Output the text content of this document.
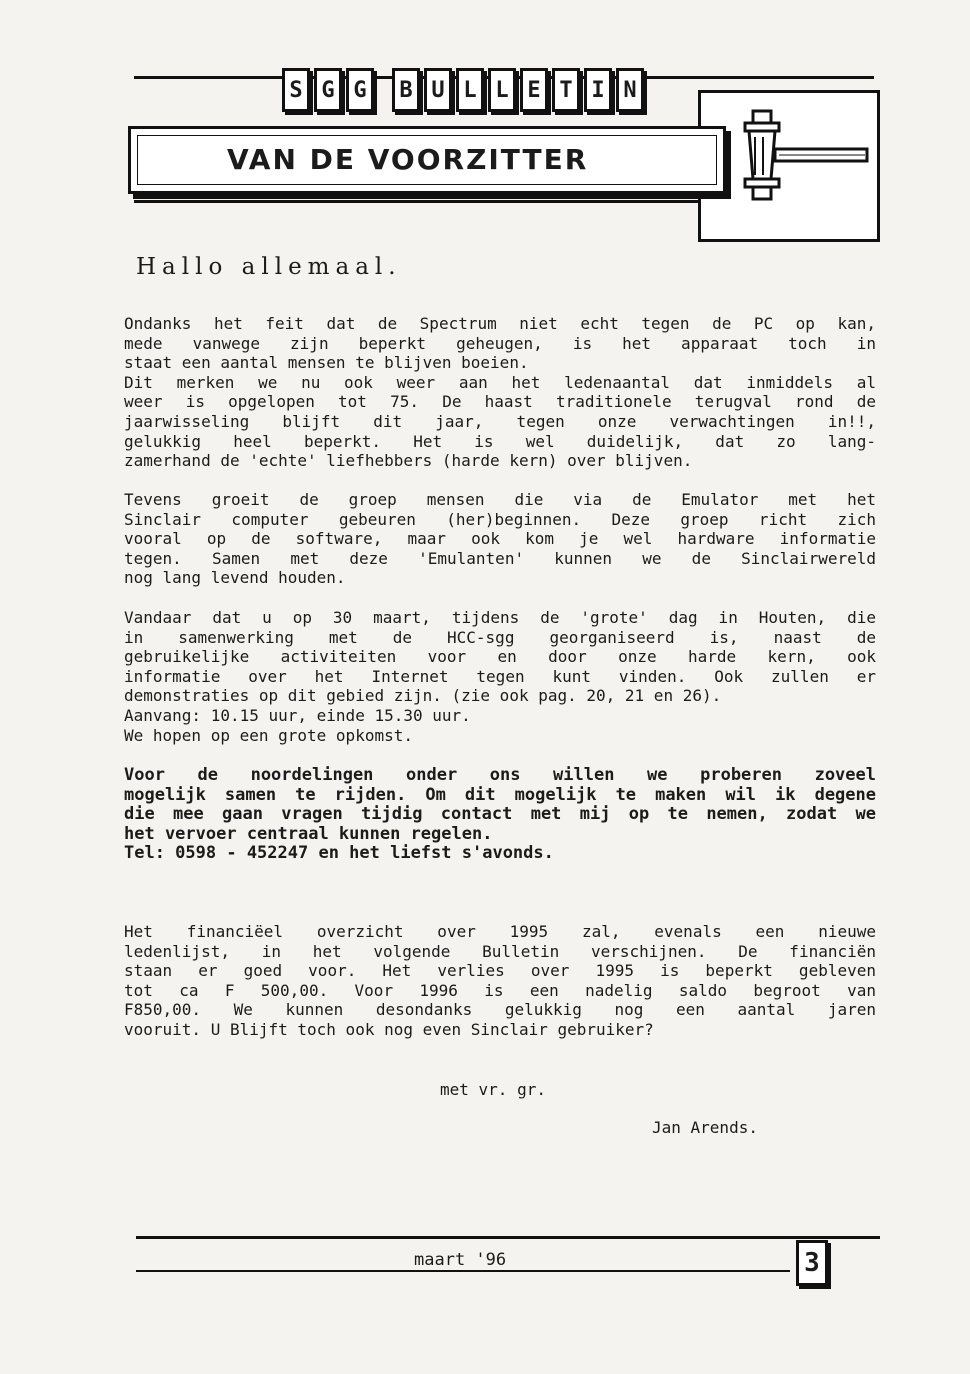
S G G	B U L L E T I N
VAN DE VOORZITTER
Hallo allemaal.
Ondanks het feit dat de Spectrum niet echt tegen de PC op kan,
mede vanwege zijn beperkt geheugen, is het apparaat toch in
staat een aantal mensen te blijven boeien.
Dit merken we nu ook weer aan het ledenaantal dat inmiddels al
weer is opgelopen tot 75. De haast traditionele terugval rond de
jaarwisseling blijft dit jaar, tegen onze verwachtingen in!!,
gelukkig heel beperkt. Het is wel duidelijk, dat zo lang-
zamerhand de 'echte' liefhebbers (harde kern) over blijven.
Tevens groeit de groep mensen die via de Emulator met het
Sinclair computer gebeuren (her)beginnen. Deze groep richt zich
vooral op de software, maar ook kom je wel hardware informatie
tegen. Samen met deze 'Emulanten' kunnen we de Sinclairwereld
nog lang levend houden.
Vandaar dat u op 30 maart, tijdens de 'grote' dag in Houten, die
in samenwerking met de HCC-sgg georganiseerd is, naast de
gebruikelijke activiteiten voor en door onze harde kern, ook
informatie over het Internet tegen kunt vinden. Ook zullen er
demonstraties op dit gebied zijn. (zie ook pag. 20, 21 en 26).
Aanvang: 10.15 uur, einde 15.30 uur.
We hopen op een grote opkomst.
Voor de noordelingen onder ons willen we proberen zoveel
mogelijk samen te rijden. Om dit mogelijk te maken wil ik degene
die mee gaan vragen tijdig contact met mij op te nemen, zodat we
het vervoer centraal kunnen regelen.
Tel: 0598 - 452247 en het liefst s'avonds.
Het financiëel overzicht over 1995 zal, evenals een nieuwe
ledenlijst, in het volgende Bulletin verschijnen. De financiën
staan er goed voor. Het verlies over 1995 is beperkt gebleven
tot ca F 500,00. Voor 1996 is een nadelig saldo begroot van
F850,00. We kunnen desondanks gelukkig nog een aantal jaren
vooruit. U Blijft toch ook nog even Sinclair gebruiker?
met vr. gr.
Jan Arends.
maart '96	3
